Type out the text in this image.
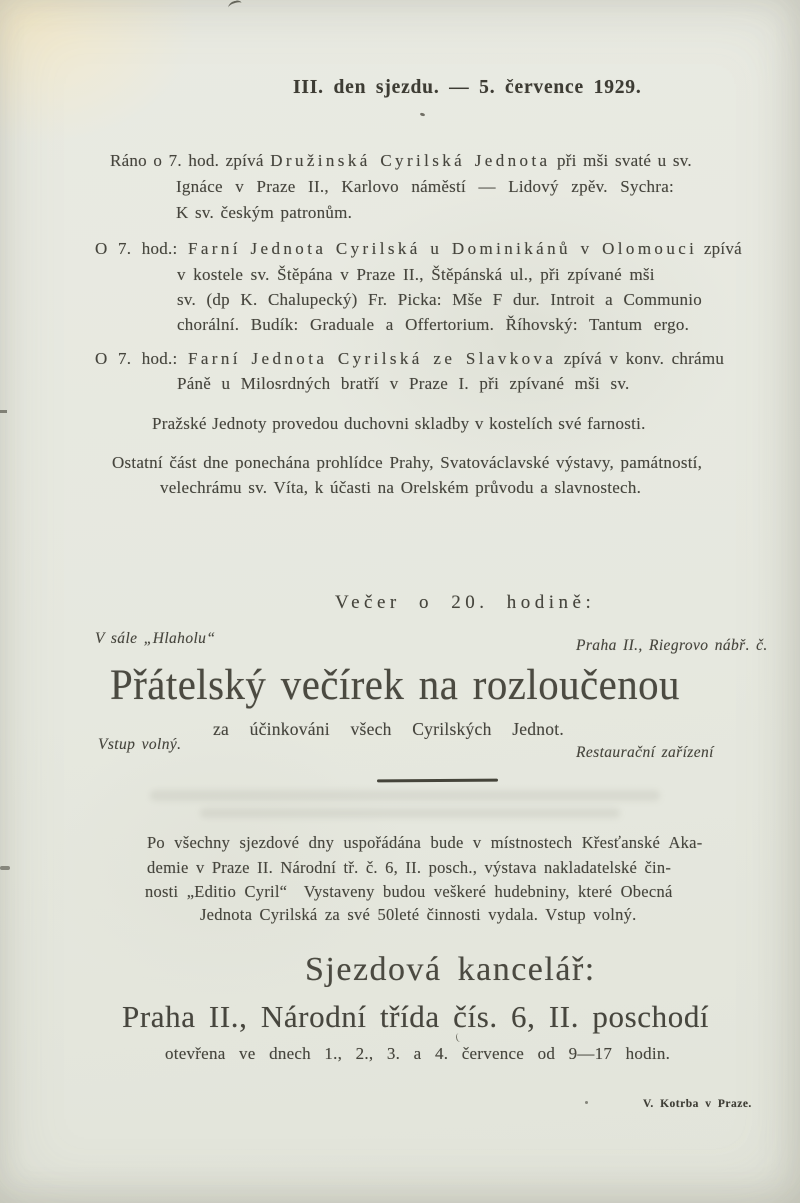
III. den sjezdu. — 5. července 1929.
Ráno o 7. hod. zpívá Družinská Cyrilská Jednota při mši svaté u sv.
Ignáce v Praze II., Karlovo náměstí — Lidový zpěv. Sychra:
K sv. českým patronům.
O 7. hod.: Farní Jednota Cyrilská u Dominikánů v Olomouci zpívá
v kostele sv. Štěpána v Praze II., Štěpánská ul., při zpívané mši
sv. (dp K. Chalupecký) Fr. Picka: Mše F dur. Introit a Communio
chorální. Budík: Graduale a Offertorium. Říhovský: Tantum ergo.
O 7. hod.: Farní Jednota Cyrilská ze Slavkova zpívá v konv. chrámu
Páně u Milosrdných bratří v Praze I. při zpívané mši sv.
Pražské Jednoty provedou duchovni skladby v kostelích své farnosti.
Ostatní část dne ponechána prohlídce Prahy, Svatováclavské výstavy, památností,
velechrámu sv. Víta, k účasti na Orelském průvodu a slavnostech.
Večer o 20. hodině:
V sále „Hlaholu“	Praha II., Riegrovo nábř. č.
Přátelský večírek na rozloučenou
za účinkováni všech Cyrilských Jednot.
Vstup volný.	Restaurační zařízení
Po všechny sjezdové dny uspořádána bude v místnostech Křesťanské Aka-
demie v Praze II. Národní tř. č. 6, II. posch., výstava nakladatelské čin-
nosti „Editio Cyril“  Vystaveny budou veškeré hudebniny, které Obecná
Jednota Cyrilská za své 50leté činnosti vydala. Vstup volný.
Sjezdová kancelář:
Praha II., Národní třída čís. 6, II. poschodí
otevřena ve dnech 1., 2., 3. a 4. července od 9—17 hodin.
V. Kotrba v Praze.
